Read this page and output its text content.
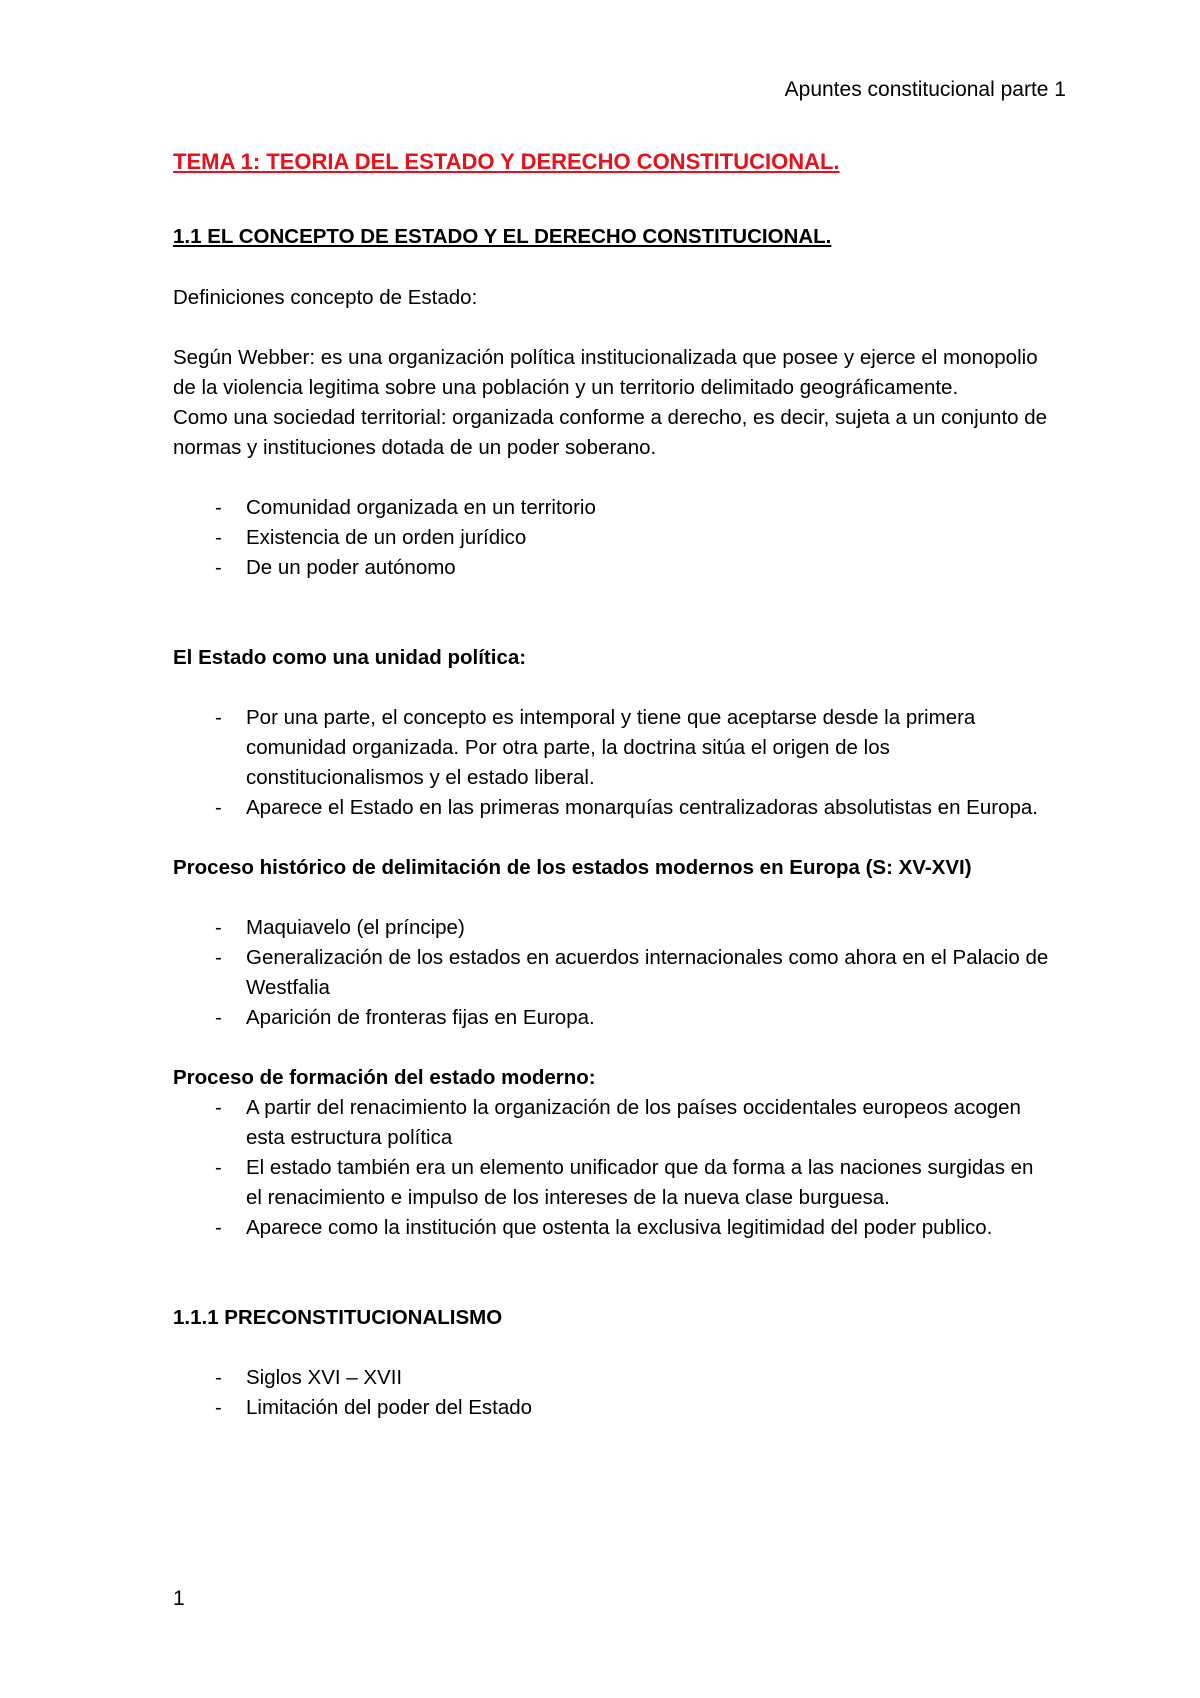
Apuntes constitucional parte 1

TEMA 1: TEORIA DEL ESTADO Y DERECHO CONSTITUCIONAL.

1.1 EL CONCEPTO DE ESTADO Y EL DERECHO CONSTITUCIONAL.

Definiciones concepto de Estado:

Según Webber: es una organización política institucionalizada que posee y ejerce el monopolio de la violencia legitima sobre una población y un territorio delimitado geográficamente.

Como una sociedad territorial: organizada conforme a derecho, es decir, sujeta a un conjunto de normas y instituciones dotada de un poder soberano.

- Comunidad organizada en un territorio
- Existencia de un orden jurídico
- De un poder autónomo

El Estado como una unidad política:

- Por una parte, el concepto es intemporal y tiene que aceptarse desde la primera comunidad organizada. Por otra parte, la doctrina sitúa el origen de los constitucionalismos y el estado liberal.
- Aparece el Estado en las primeras monarquías centralizadoras absolutistas en Europa.

Proceso histórico de delimitación de los estados modernos en Europa (S: XV-XVI)

- Maquiavelo (el príncipe)
- Generalización de los estados en acuerdos internacionales como ahora en el Palacio de Westfalia
- Aparición de fronteras fijas en Europa.

Proceso de formación del estado moderno:

- A partir del renacimiento la organización de los países occidentales europeos acogen esta estructura política
- El estado también era un elemento unificador que da forma a las naciones surgidas en el renacimiento e impulso de los intereses de la nueva clase burguesa.
- Aparece como la institución que ostenta la exclusiva legitimidad del poder publico.

1.1.1 PRECONSTITUCIONALISMO

- Siglos XVI – XVII
- Limitación del poder del Estado
1
